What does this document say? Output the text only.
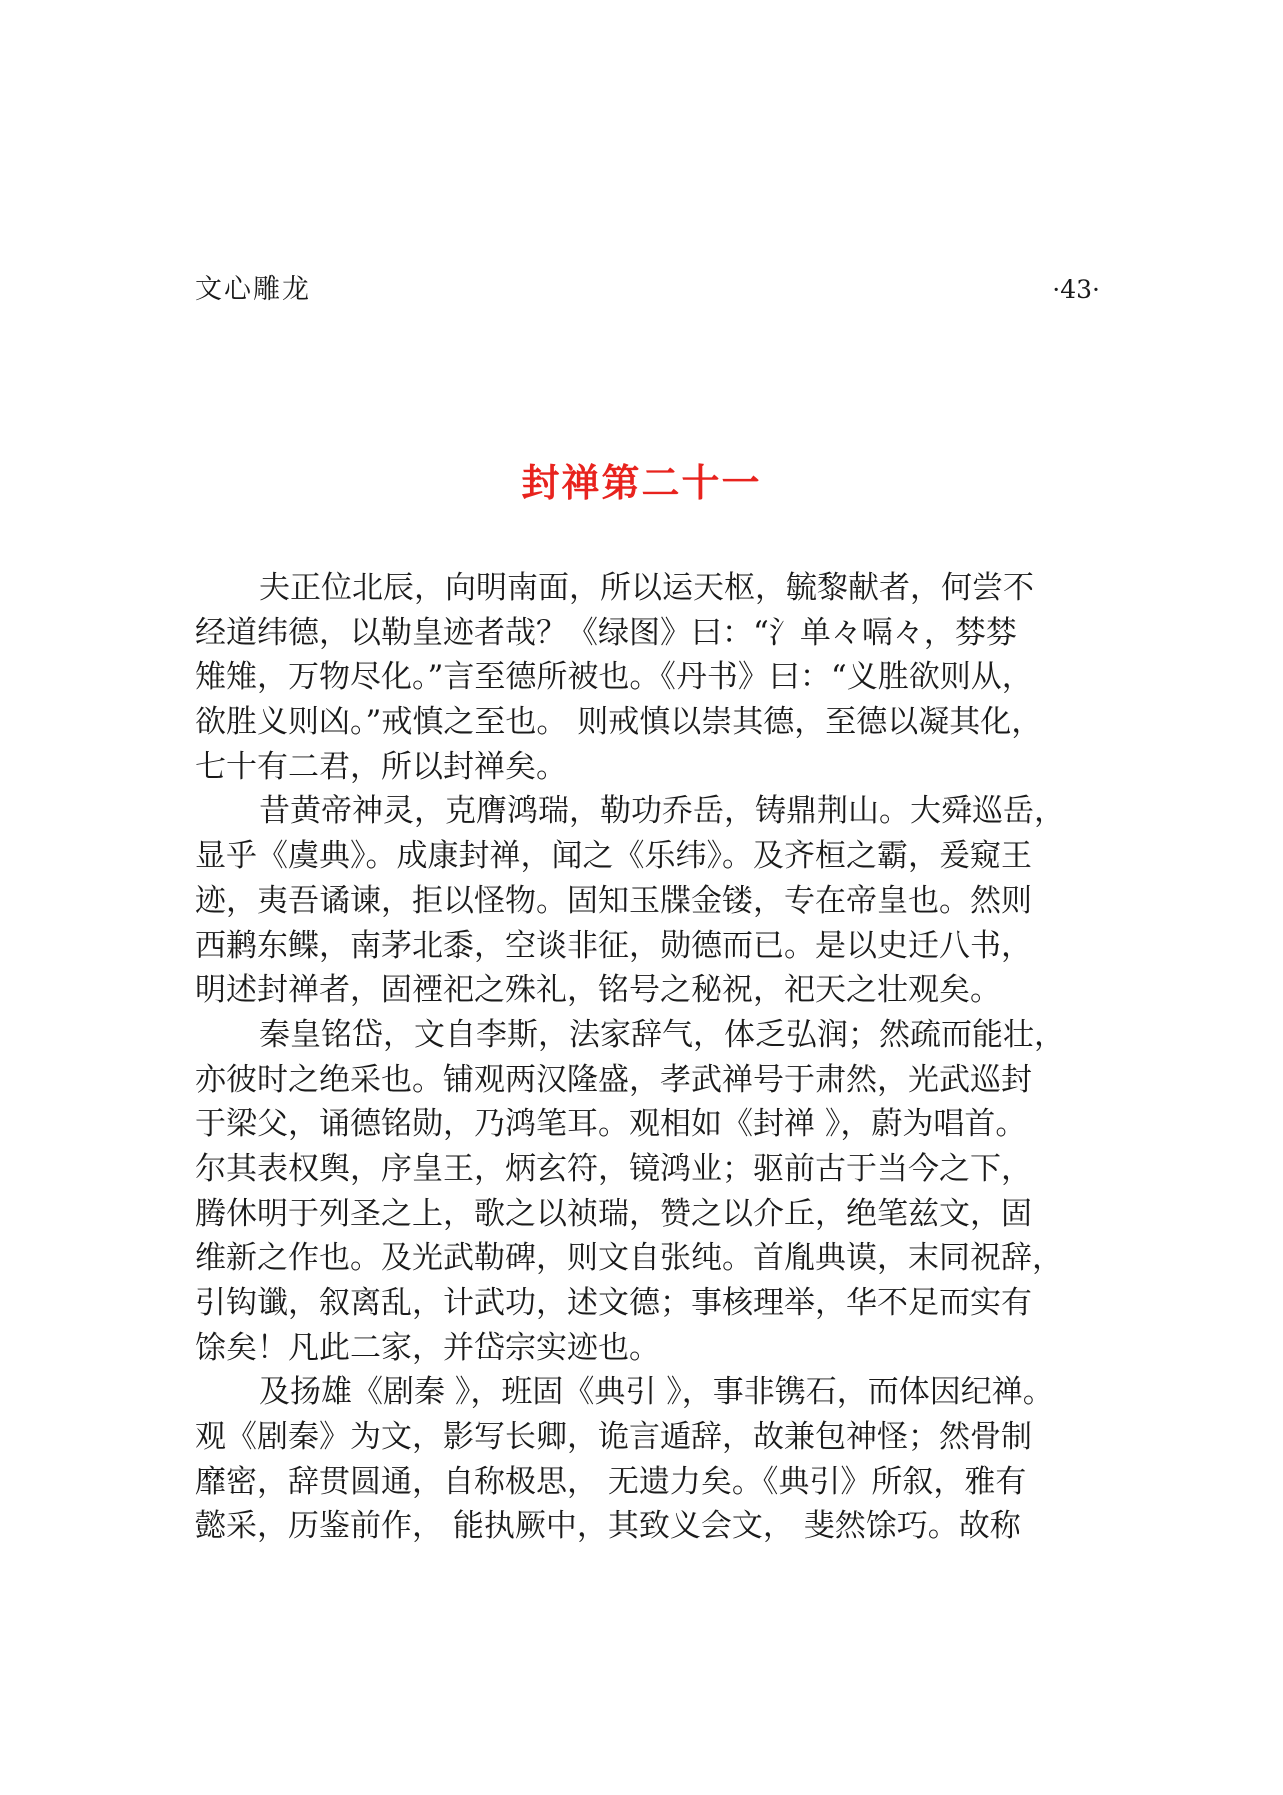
文心雕龙	·43·
封禅第二十一
夫正位北辰，向明南面，所以运天枢，毓黎献者，何尝不
经道纬德，以勒皇迹者哉？《绿图》曰：“氵单々嗝々，棼棼
雉雉，万物尽化。”言至德所被也。《丹书》曰：“义胜欲则从，
欲胜义则凶。”戒慎之至也。 则戒慎以崇其德，至德以凝其化，
七十有二君，所以封禅矣。
昔黄帝神灵，克膺鸿瑞，勒功乔岳，铸鼎荆山。大舜巡岳，
显乎《虞典》。成康封禅，闻之《乐纬》。及齐桓之霸，爰窥王
迹，夷吾谲谏，拒以怪物。固知玉牒金镂，专在帝皇也。然则
西鹣东鲽，南茅北黍，空谈非征，勋德而已。是以史迁八书，
明述封禅者，固禋祀之殊礼，铭号之秘祝，祀天之壮观矣。
秦皇铭岱，文自李斯，法家辞气，体乏弘润；然疏而能壮，
亦彼时之绝采也。铺观两汉隆盛，孝武禅号于肃然，光武巡封
于梁父，诵德铭勋，乃鸿笔耳。观相如《封禅 》，蔚为唱首。
尔其表权舆，序皇王，炳玄符，镜鸿业；驱前古于当今之下，
腾休明于列圣之上，歌之以祯瑞，赞之以介丘，绝笔兹文，固
维新之作也。及光武勒碑，则文自张纯。首胤典谟，末同祝辞，
引钩谶，叙离乱，计武功，述文德；事核理举，华不足而实有
馀矣！凡此二家，并岱宗实迹也。
及扬雄《剧秦 》，班固《典引 》，事非镌石，而体因纪禅。
观《剧秦》为文，影写长卿，诡言遁辞，故兼包神怪；然骨制
靡密，辞贯圆通，自称极思， 无遗力矣。《典引》所叙，雅有
懿采，历鉴前作， 能执厥中，其致义会文， 斐然馀巧。故称
